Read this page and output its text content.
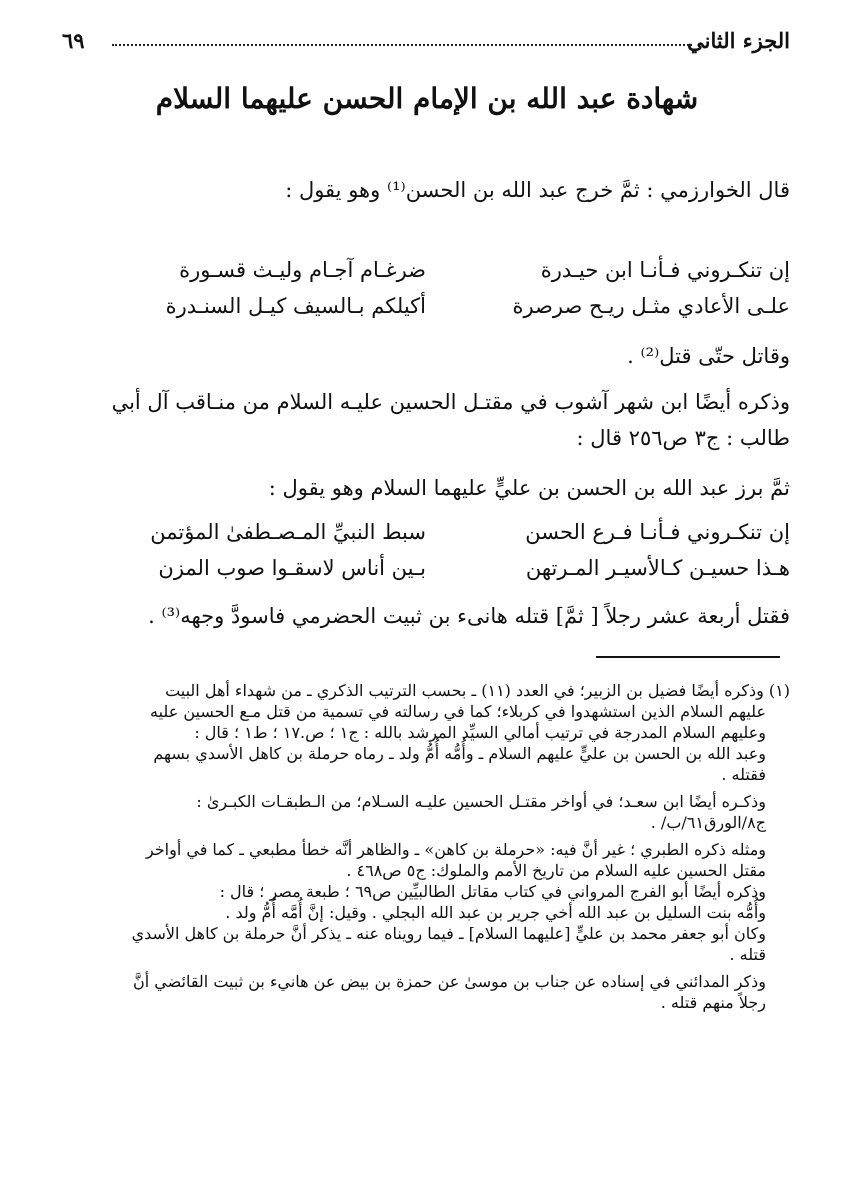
الجزء الثاني
٦٩
شهادة عبد الله بن الإمام الحسن عليهما السلام
قال الخوارزمي : ثمَّ خرج عبد الله بن الحسن⁽¹⁾ وهو يقول :
إن تنكـروني فـأنـا ابن حيـدرة
ضرغـام آجـام وليـث قسـورة
علـى الأعادي مثـل ريـح صرصرة
أكيلكم بـالسيف كيـل السنـدرة
وقاتل حتّى قتل⁽²⁾ .
وذكره أيضًا ابن شهر آشوب في مقتـل الحسين عليـه السلام من منـاقب آل أبي
طالب : ج٣ ص٢٥٦ قال :
ثمَّ برز عبد الله بن الحسن بن عليٍّ عليهما السلام وهو يقول :
إن تنكـروني فـأنـا فـرع الحسن
سبط النبيِّ المـصـطفىٰ المؤتمن
هـذا حسيـن كـالأسيـر المـرتهن
بـين أناس لاسقـوا صوب المزن
فقتل أربعة عشر رجلاً [ ثمَّ] قتله هانىء بن ثبيت الحضرمي فاسودَّ وجهه⁽³⁾ .
(١) وذكره أيضًا فضيل بن الزبير؛ في العدد (١١) ـ بحسب الترتيب الذكري ـ من شهداء أهل البيت
عليهم السلام الذين استشهدوا في كربلاء؛ كما في رسالته في تسمية من قتل مـع الحسين عليه
وعليهم السلام المدرجة في ترتيب أمالي السيِّد المرشد بالله : ج١ ؛ ص.١٧ ؛ ط١ ؛ قال :
وعبد الله بن الحسن بن عليٍّ عليهم السلام ـ وأُمُّه أُمُّ ولد ـ رماه حرملة بن كاهل الأسدي بسهم
فقتله .
وذكـره أيضًا ابن سعـد؛ في أواخر مقتـل الحسين عليـه السـلام؛ من الـطبقـات الكبـرىٰ :
ج٨/الورق٦١/ب/ .
ومثله ذكره الطبري ؛ غير أنَّ فيه: «حرملة بن كاهن» ـ والظاهر أنَّه خطأ مطبعي ـ كما في أواخر
مقتل الحسين عليه السلام من تاريخ الأمم والملوك: ج٥ ص٤٦٨ .
وذكره أيضًا أبو الفرج المرواني في كتاب مقاتل الطالبيِّين ص٦٩ ؛ طبعة مصر ؛ قال :
وأُمُّه بنت السليل بن عبد الله أخي جرير بن عبد الله البجلي . وقيل: إنَّ أُمَّه أُمُّ ولد .
وكان أبو جعفر محمد بن عليٍّ [عليهما السلام] ـ فيما رويناه عنه ـ يذكر أنَّ حرملة بن كاهل الأسدي
قتله .
وذكر المدائني في إسناده عن جناب بن موسىٰ عن حمزة بن بيض عن هانيء بن ثبيت القائضي أنَّ
رجلاً منهم قتله .
